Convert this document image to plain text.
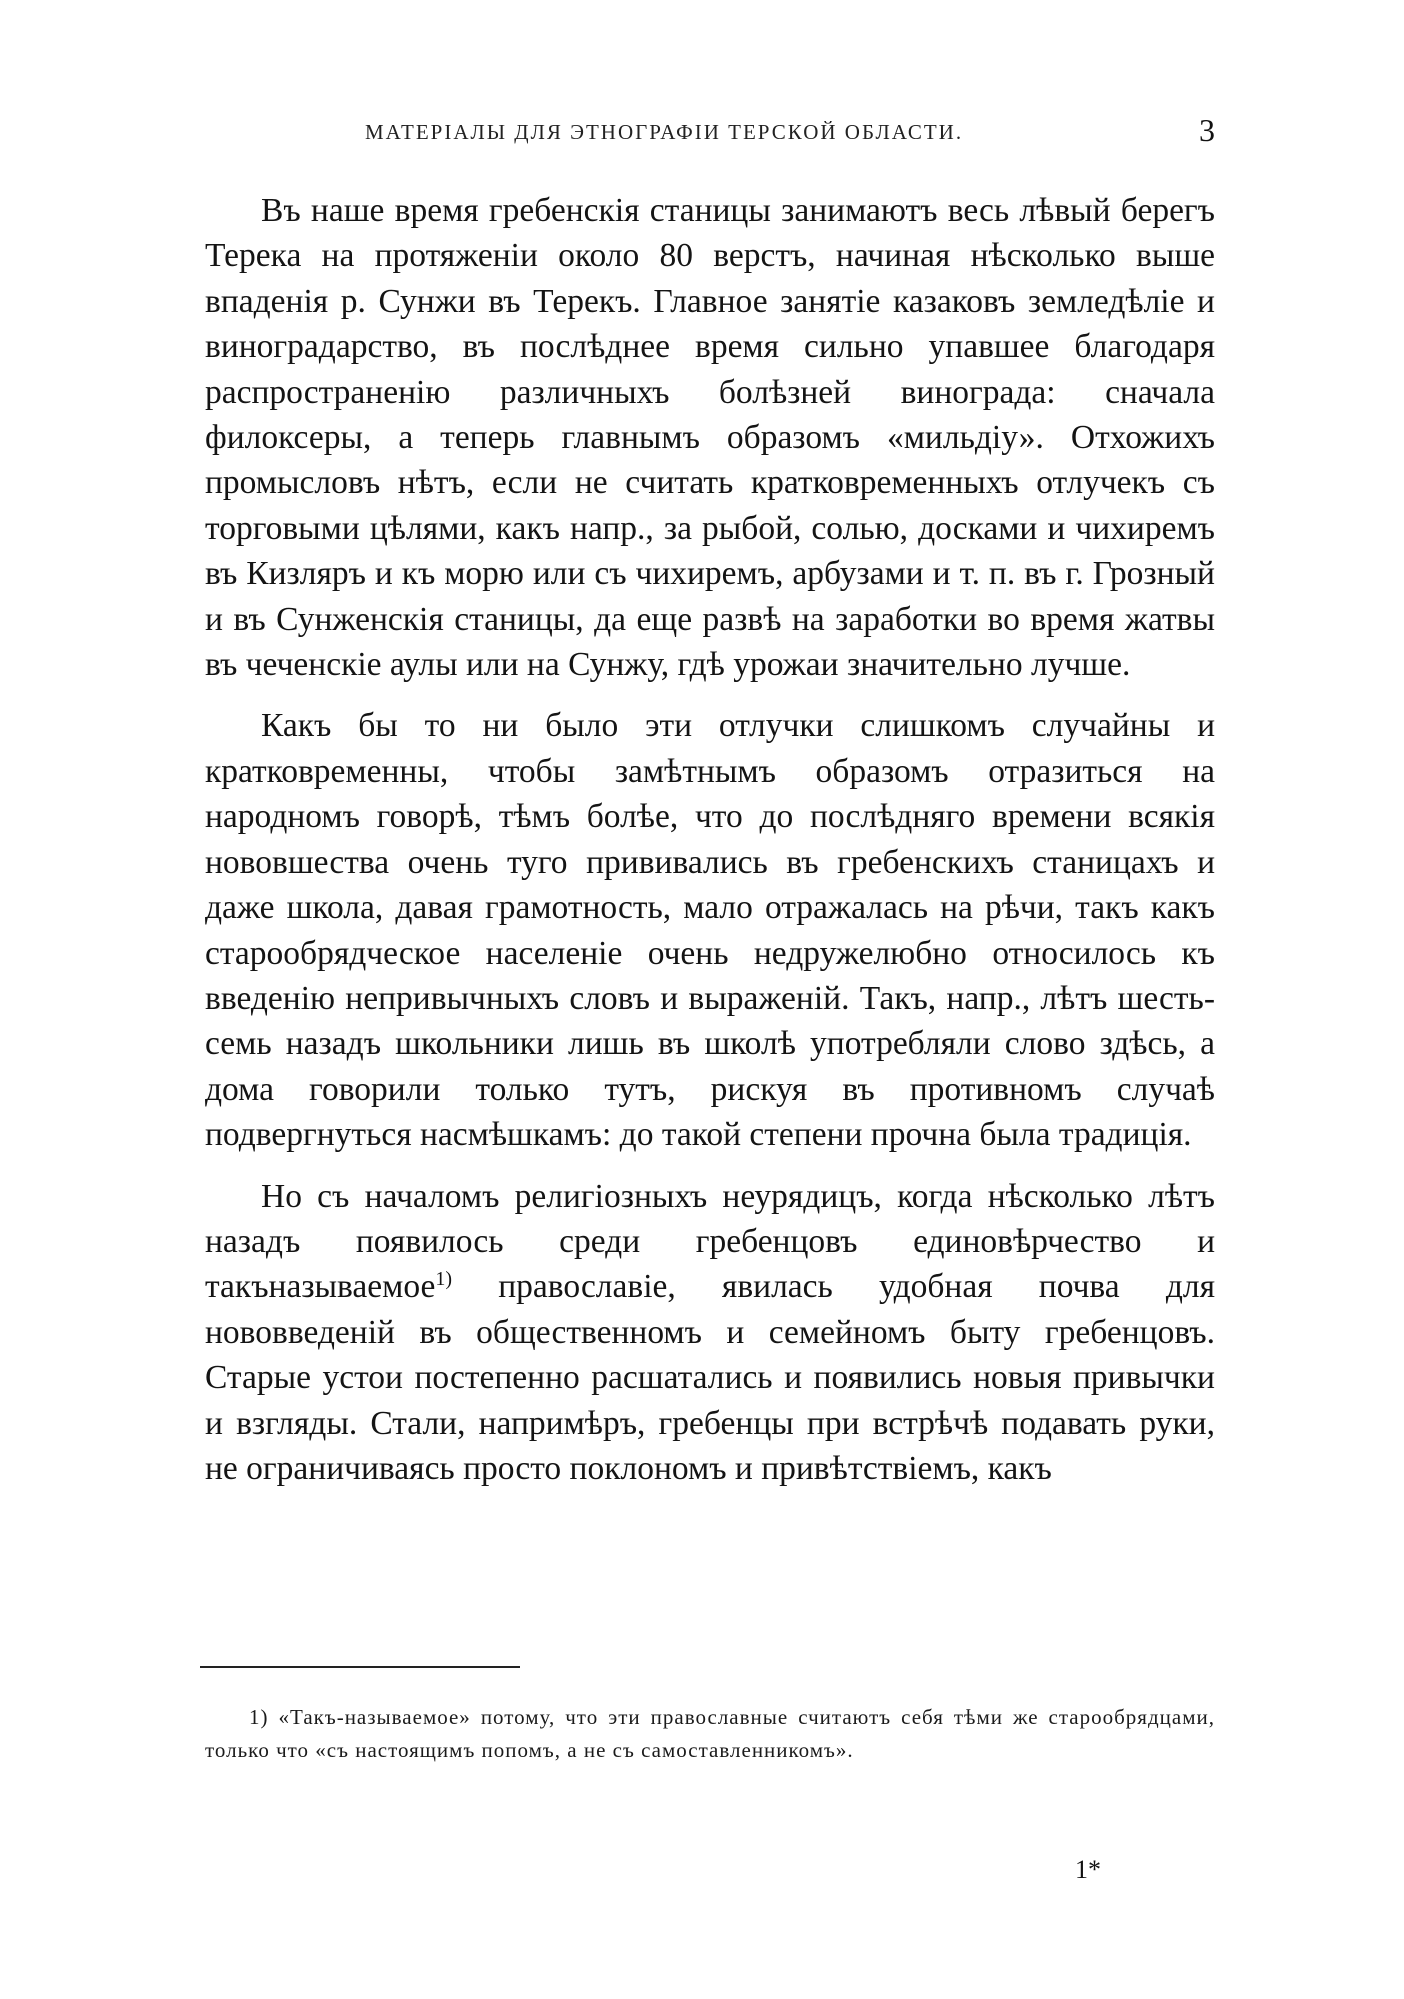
МАТЕРІАЛЫ ДЛЯ ЭТНОГРАФІИ ТЕРСКОЙ ОБЛАСТИ.	3

Въ наше время гребенскія станицы занимаютъ весь лѣвый берегъ Терека на протяженіи около 80 верстъ, начиная нѣсколько выше впаденія р. Сунжи въ Терекъ. Главное занятіе казаковъ земледѣліе и виноградарство, въ послѣднее время сильно упавшее благодаря распространенію различныхъ болѣзней винограда: сначала филоксеры, а теперь главнымъ образомъ «мильдіу». Отхожихъ промысловъ нѣтъ, если не считать кратковременныхъ отлучекъ съ торговыми цѣлями, какъ напр., за рыбой, солью, досками и чихиремъ въ Кизляръ и къ морю или съ чихиремъ, арбузами и т. п. въ г. Грозный и въ Сунженскія станицы, да еще развѣ на заработки во время жатвы въ чеченскіе аулы или на Сунжу, гдѣ урожаи значительно лучше.

Какъ бы то ни было эти отлучки слишкомъ случайны и кратковременны, чтобы замѣтнымъ образомъ отразиться на народномъ говорѣ, тѣмъ болѣе, что до послѣдняго времени всякія нововшества очень туго прививались въ гребенскихъ станицахъ и даже школа, давая грамотность, мало отражалась на рѣчи, такъ какъ старообрядческое населеніе очень недружелюбно относилось къ введенію непривычныхъ словъ и выраженій. Такъ, напр., лѣтъ шесть-семь назадъ школьники лишь въ школѣ употребляли слово здѣсь, а дома говорили только тутъ, рискуя въ противномъ случаѣ подвергнуться насмѣшкамъ: до такой степени прочна была традиція.

Но съ началомъ религіозныхъ неурядицъ, когда нѣсколько лѣтъ назадъ появилось среди гребенцовъ единовѣрчество и такъназываемое$^{1)}$ православіе, явилась удобная почва для нововведеній въ общественномъ и семейномъ быту гребенцовъ. Старые устои постепенно расшатались и появились новыя привычки и взгляды. Стали, напримѣръ, гребенцы при встрѣчѣ подавать руки, не ограничиваясь просто поклономъ и привѣтствіемъ, какъ

1) «Такъ-называемое» потому, что эти православные считаютъ себя тѣми же старообрядцами, только что «съ настоящимъ попомъ, а не съ самоставленникомъ».
1*
